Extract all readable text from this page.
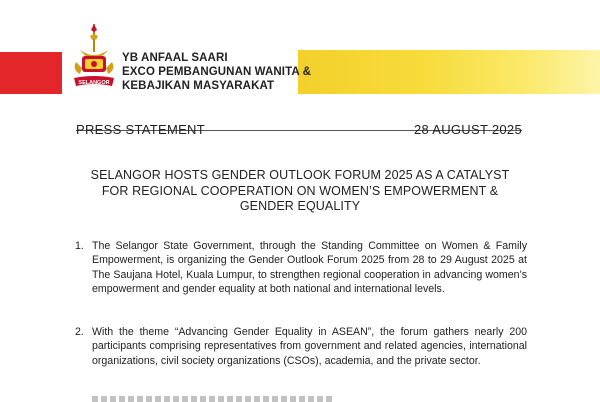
SELANGOR
YB ANFAAL SAARI
EXCO PEMBANGUNAN WANITA &
KEBAJIKAN MASYARAKAT
PRESS STATEMENT	28 AUGUST 2025
SELANGOR HOSTS GENDER OUTLOOK FORUM 2025 AS A CATALYST FOR REGIONAL COOPERATION ON WOMEN’S EMPOWERMENT & GENDER EQUALITY
1. The Selangor State Government, through the Standing Committee on Women & Family Empowerment, is organizing the Gender Outlook Forum 2025 from 28 to 29 August 2025 at The Saujana Hotel, Kuala Lumpur, to strengthen regional cooperation in advancing women’s empowerment and gender equality at both national and international levels.
2. With the theme “Advancing Gender Equality in ASEAN”, the forum gathers nearly 200 participants comprising representatives from government and related agencies, international organizations, civil society organizations (CSOs), academia, and the private sector.
